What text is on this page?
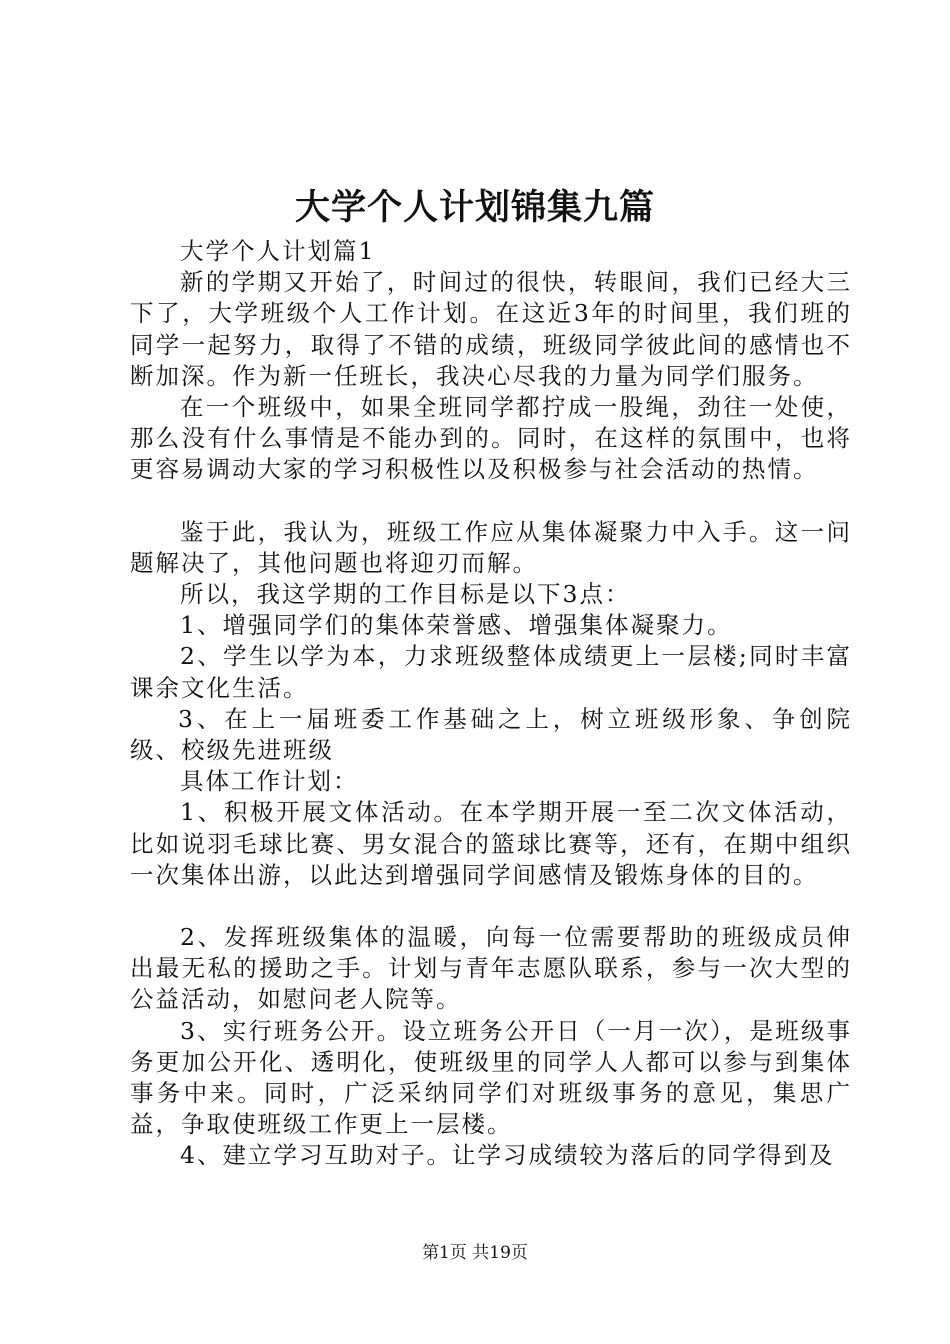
大学个人计划锦集九篇

大学个人计划篇1

新的学期又开始了，时间过的很快，转眼间，我们已经大三下了，大学班级个人工作计划。在这近3年的时间里，我们班的同学一起努力，取得了不错的成绩，班级同学彼此间的感情也不断加深。作为新一任班长，我决心尽我的力量为同学们服务。

在一个班级中，如果全班同学都拧成一股绳，劲往一处使，那么没有什么事情是不能办到的。同时，在这样的氛围中，也将更容易调动大家的学习积极性以及积极参与社会活动的热情。

鉴于此，我认为，班级工作应从集体凝聚力中入手。这一问题解决了，其他问题也将迎刃而解。

所以，我这学期的工作目标是以下3点：

1、增强同学们的集体荣誉感、增强集体凝聚力。

2、学生以学为本，力求班级整体成绩更上一层楼;同时丰富课余文化生活。

3、在上一届班委工作基础之上，树立班级形象、争创院级、校级先进班级

具体工作计划：

1、积极开展文体活动。在本学期开展一至二次文体活动，比如说羽毛球比赛、男女混合的篮球比赛等，还有，在期中组织一次集体出游，以此达到增强同学间感情及锻炼身体的目的。

2、发挥班级集体的温暖，向每一位需要帮助的班级成员伸出最无私的援助之手。计划与青年志愿队联系，参与一次大型的公益活动，如慰问老人院等。

3、实行班务公开。设立班务公开日（一月一次），是班级事务更加公开化、透明化，使班级里的同学人人都可以参与到集体事务中来。同时，广泛采纳同学们对班级事务的意见，集思广益，争取使班级工作更上一层楼。

4、建立学习互助对子。让学习成绩较为落后的同学得到及

第1页 共19页
